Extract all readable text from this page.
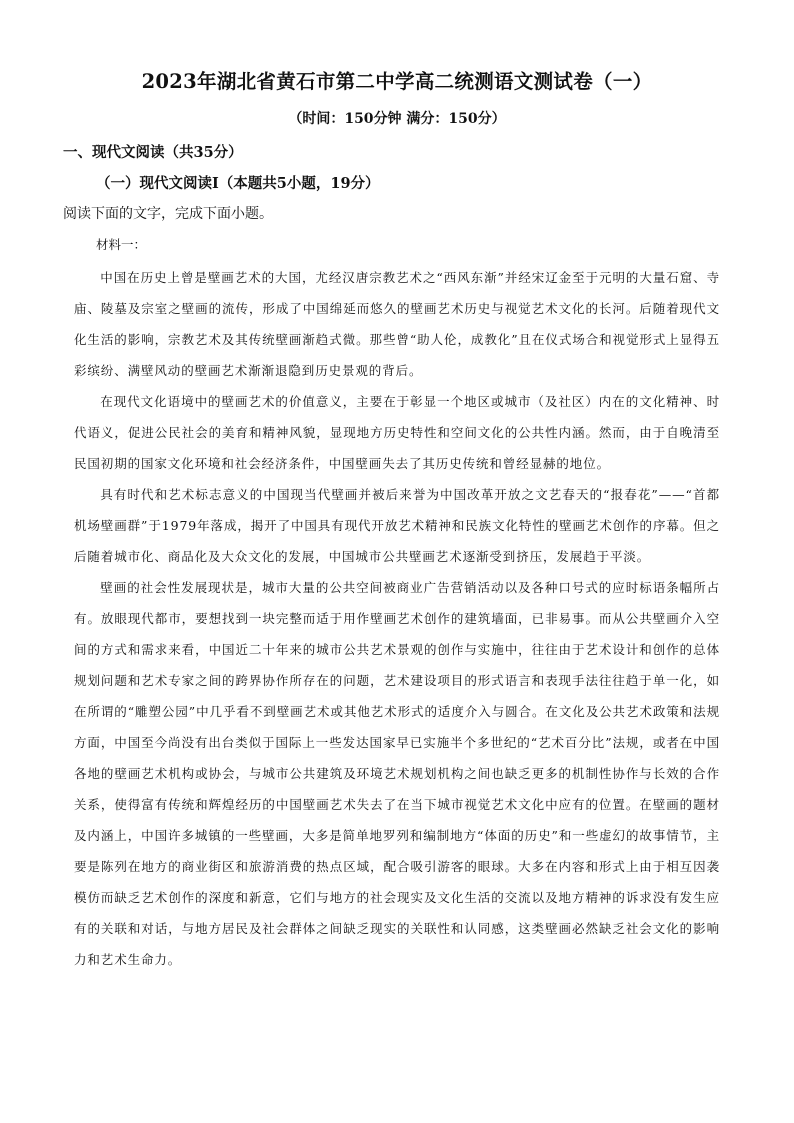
2023年湖北省黄石市第二中学高二统测语文测试卷（一）
（时间：150分钟 满分：150分）
一、现代文阅读（共35分）
（一）现代文阅读Ⅰ（本题共5小题，19分）
阅读下面的文字，完成下面小题。
材料一：

中国在历史上曾是壁画艺术的大国，尤经汉唐宗教艺术之“西风东渐”并经宋辽金至于元明的大量石窟、寺庙、陵墓及宗室之壁画的流传，形成了中国绵延而悠久的壁画艺术历史与视觉艺术文化的长河。后随着现代文化生活的影响，宗教艺术及其传统壁画渐趋式微。那些曾“助人伦，成教化”且在仪式场合和视觉形式上显得五彩缤纷、满壁风动的壁画艺术渐渐退隐到历史景观的背后。

在现代文化语境中的壁画艺术的价值意义，主要在于彰显一个地区或城市（及社区）内在的文化精神、时代语义，促进公民社会的美育和精神风貌，显现地方历史特性和空间文化的公共性内涵。然而，由于自晚清至民国初期的国家文化环境和社会经济条件，中国壁画失去了其历史传统和曾经显赫的地位。

具有时代和艺术标志意义的中国现当代壁画并被后来誉为中国改革开放之文艺春天的“报春花”——“首都机场壁画群”于1979年落成，揭开了中国具有现代开放艺术精神和民族文化特性的壁画艺术创作的序幕。但之后随着城市化、商品化及大众文化的发展，中国城市公共壁画艺术逐渐受到挤压，发展趋于平淡。

壁画的社会性发展现状是，城市大量的公共空间被商业广告营销活动以及各种口号式的应时标语条幅所占有。放眼现代都市，要想找到一块完整而适于用作壁画艺术创作的建筑墙面，已非易事。而从公共壁画介入空间的方式和需求来看，中国近二十年来的城市公共艺术景观的创作与实施中，往往由于艺术设计和创作的总体规划问题和艺术专家之间的跨界协作所存在的问题，艺术建设项目的形式语言和表现手法往往趋于单一化，如在所谓的“雕塑公园”中几乎看不到壁画艺术或其他艺术形式的适度介入与圆合。在文化及公共艺术政策和法规方面，中国至今尚没有出台类似于国际上一些发达国家早已实施半个多世纪的“艺术百分比”法规，或者在中国各地的壁画艺术机构或协会，与城市公共建筑及环境艺术规划机构之间也缺乏更多的机制性协作与长效的合作关系，使得富有传统和辉煌经历的中国壁画艺术失去了在当下城市视觉艺术文化中应有的位置。在壁画的题材及内涵上，中国许多城镇的一些壁画，大多是简单地罗列和编制地方“体面的历史”和一些虚幻的故事情节，主要是陈列在地方的商业街区和旅游消费的热点区域，配合吸引游客的眼球。大多在内容和形式上由于相互因袭模仿而缺乏艺术创作的深度和新意，它们与地方的社会现实及文化生活的交流以及地方精神的诉求没有发生应有的关联和对话，与地方居民及社会群体之间缺乏现实的关联性和认同感，这类壁画必然缺乏社会文化的影响力和艺术生命力。
